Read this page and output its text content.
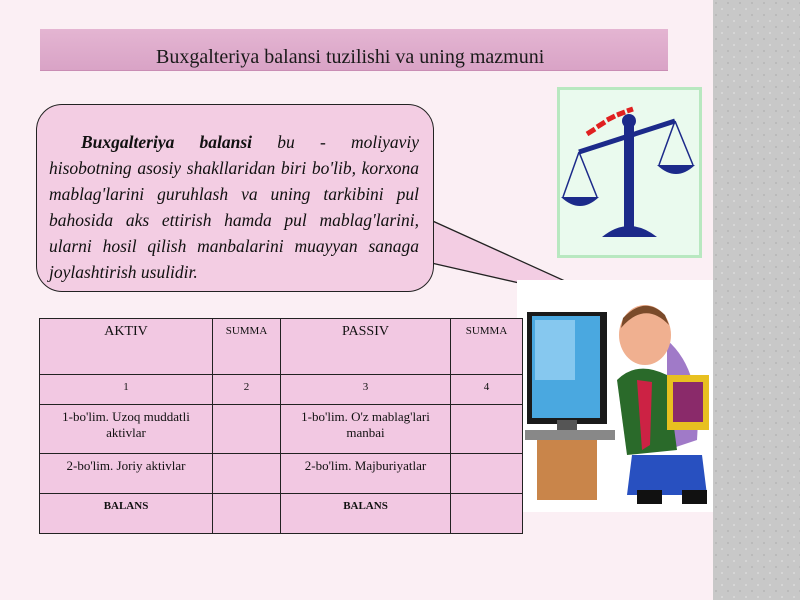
Buxgalteriya balansi tuzilishi va uning mazmuni

Buxgalteriya balansi bu - moliyaviy hisobotning asosiy shakllaridan biri bo'lib, korxona mablag'larini guruhlash va uning tarkibini pul bahosida aks ettirish hamda pul mablag'larini, ularni hosil qilish manbalarini muayyan sanaga joylashtirish usulidir.

AKTIV	SUMMA	PASSIV	SUMMA
1	2	3	4
1-bo'lim. Uzoq muddatli aktivlar		1-bo'lim. O'z mablag'lari manbai	
2-bo'lim. Joriy aktivlar		2-bo'lim. Majburiyatlar	
BALANS		BALANS	
